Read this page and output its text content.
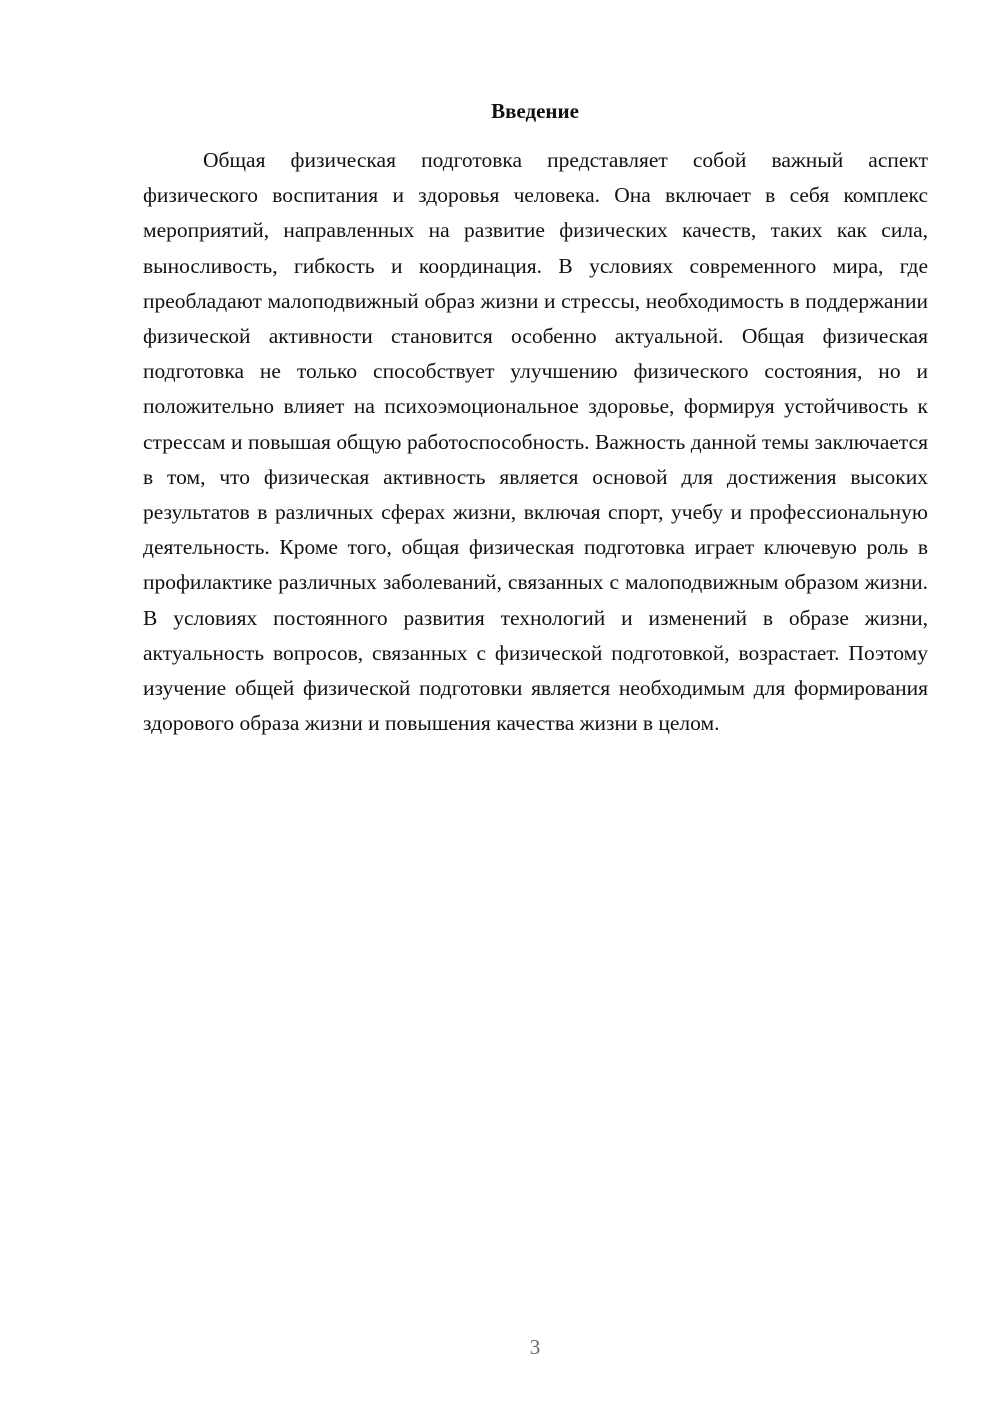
Введение

Общая физическая подготовка представляет собой важный аспект физического воспитания и здоровья человека. Она включает в себя комплекс мероприятий, направленных на развитие физических качеств, таких как сила, выносливость, гибкость и координация. В условиях современного мира, где преобладают малоподвижный образ жизни и стрессы, необходимость в поддержании физической активности становится особенно актуальной. Общая физическая подготовка не только способствует улучшению физического состояния, но и положительно влияет на психоэмоциональное здоровье, формируя устойчивость к стрессам и повышая общую работоспособность. Важность данной темы заключается в том, что физическая активность является основой для достижения высоких результатов в различных сферах жизни, включая спорт, учебу и профессиональную деятельность. Кроме того, общая физическая подготовка играет ключевую роль в профилактике различных заболеваний, связанных с малоподвижным образом жизни. В условиях постоянного развития технологий и изменений в образе жизни, актуальность вопросов, связанных с физической подготовкой, возрастает. Поэтому изучение общей физической подготовки является необходимым для формирования здорового образа жизни и повышения качества жизни в целом.

3
